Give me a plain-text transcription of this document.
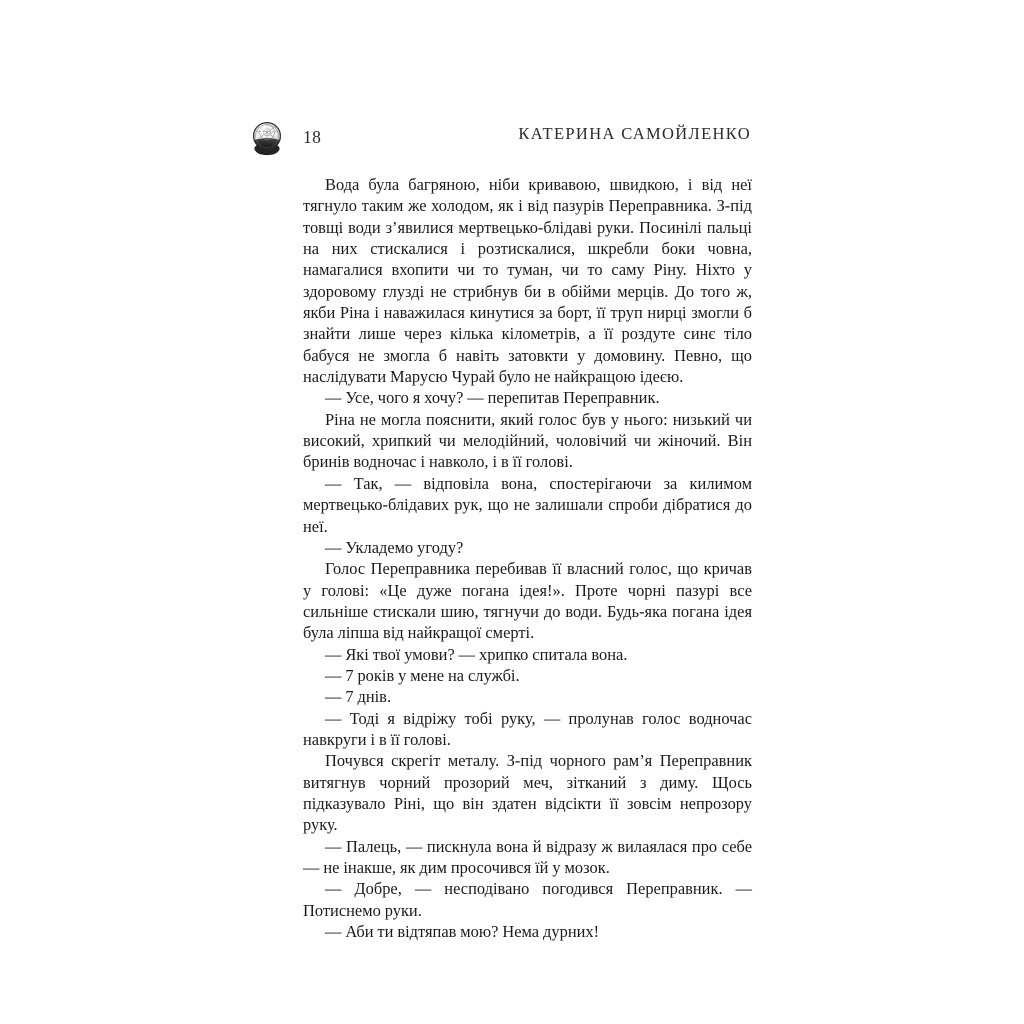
18	КАТЕРИНА САМОЙЛЕНКО

Вода була багряною, ніби кривавою, швидкою, і від неї тягнуло таким же холодом, як і від пазурів Переправника. З-під товщі води з’явилися мертвецько-блідаві руки. Посинілі пальці на них стискалися і розтискалися, шкребли боки човна, намагалися вхопити чи то туман, чи то саму Ріну. Ніхто у здоровому глузді не стрибнув би в обійми мерців. До того ж, якби Ріна і наважилася кинутися за борт, її труп нирці змогли б знайти лише через кілька кілометрів, а її роздуте синє тіло бабуся не змогла б навіть затовкти у домовину. Певно, що наслідувати Марусю Чурай було не найкращою ідеєю.

— Усе, чого я хочу? — перепитав Переправник.

Ріна не могла пояснити, який голос був у нього: низький чи високий, хрипкий чи мелодійний, чоловічий чи жіночий. Він бринів водночас і навколо, і в її голові.

— Так, — відповіла вона, спостерігаючи за килимом мертвецько-блідавих рук, що не залишали спроби дібратися до неї.

— Укладемо угоду?

Голос Переправника перебивав її власний голос, що кричав у голові: «Це дуже погана ідея!». Проте чорні пазурі все сильніше стискали шию, тягнучи до води. Будь-яка погана ідея була ліпша від найкращої смерті.

— Які твої умови? — хрипко спитала вона.

— 7 років у мене на службі.

— 7 днів.

— Тоді я відріжу тобі руку, — пролунав голос водночас навкруги і в її голові.

Почувся скрегіт металу. З-під чорного рам’я Переправник витягнув чорний прозорий меч, зітканий з диму. Щось підказувало Ріні, що він здатен відсікти її зовсім непрозору руку.

— Палець, — пискнула вона й відразу ж вилаялася про себе — не інакше, як дим просочився їй у мозок.

— Добре, — несподівано погодився Переправник. — Потиснемо руки.

— Аби ти відтяпав мою? Нема дурних!
